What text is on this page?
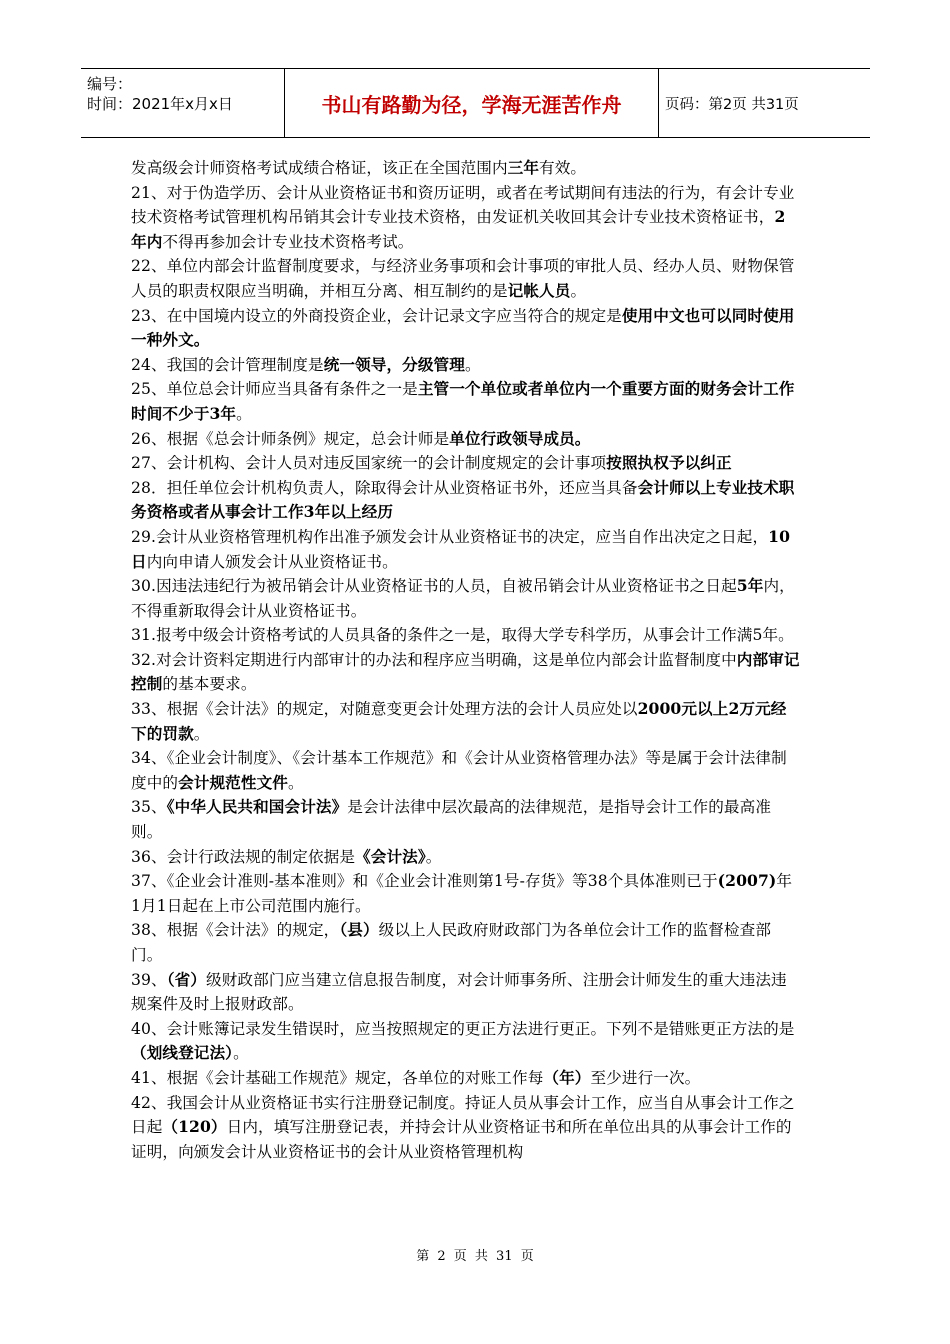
编号：
时间：2021年x月x日	书山有路勤为径，学海无涯苦作舟	页码：第2页 共31页

发高级会计师资格考试成绩合格证，该正在全国范围内三年有效。

21、对于伪造学历、会计从业资格证书和资历证明，或者在考试期间有违法的行为，有会计专业技术资格考试管理机构吊销其会计专业技术资格，由发证机关收回其会计专业技术资格证书，2年内不得再参加会计专业技术资格考试。

22、单位内部会计监督制度要求，与经济业务事项和会计事项的审批人员、经办人员、财物保管人员的职责权限应当明确，并相互分离、相互制约的是记帐人员。

23、在中国境内设立的外商投资企业，会计记录文字应当符合的规定是使用中文也可以同时使用一种外文。

24、我国的会计管理制度是统一领导，分级管理。

25、单位总会计师应当具备有条件之一是主管一个单位或者单位内一个重要方面的财务会计工作时间不少于3年。

26、根据《总会计师条例》规定，总会计师是单位行政领导成员。

27、会计机构、会计人员对违反国家统一的会计制度规定的会计事项按照执权予以纠正

28．担任单位会计机构负责人，除取得会计从业资格证书外，还应当具备会计师以上专业技术职务资格或者从事会计工作3年以上经历

29.会计从业资格管理机构作出准予颁发会计从业资格证书的决定，应当自作出决定之日起，10日内向申请人颁发会计从业资格证书。

30.因违法违纪行为被吊销会计从业资格证书的人员，自被吊销会计从业资格证书之日起5年内，不得重新取得会计从业资格证书。

31.报考中级会计资格考试的人员具备的条件之一是，取得大学专科学历，从事会计工作满5年。

32.对会计资料定期进行内部审计的办法和程序应当明确，这是单位内部会计监督制度中内部审记控制的基本要求。

33、根据《会计法》的规定，对随意变更会计处理方法的会计人员应处以2000元以上2万元经下的罚款。

34、《企业会计制度》、《会计基本工作规范》和《会计从业资格管理办法》等是属于会计法律制度中的会计规范性文件。

35、《中华人民共和国会计法》是会计法律中层次最高的法律规范，是指导会计工作的最高准则。

36、会计行政法规的制定依据是《会计法》。

37、《企业会计准则-基本准则》和《企业会计准则第1号-存货》等38个具体准则已于(2007)年1月1日起在上市公司范围内施行。

38、根据《会计法》的规定，（县）级以上人民政府财政部门为各单位会计工作的监督检查部门。

39、（省）级财政部门应当建立信息报告制度，对会计师事务所、注册会计师发生的重大违法违规案件及时上报财政部。

40、会计账簿记录发生错误时，应当按照规定的更正方法进行更正。下列不是错账更正方法的是（划线登记法）。

41、根据《会计基础工作规范》规定，各单位的对账工作每（年）至少进行一次。

42、我国会计从业资格证书实行注册登记制度。持证人员从事会计工作，应当自从事会计工作之日起（120）日内，填写注册登记表，并持会计从业资格证书和所在单位出具的从事会计工作的证明，向颁发会计从业资格证书的会计从业资格管理机构

第 2 页 共 31 页
